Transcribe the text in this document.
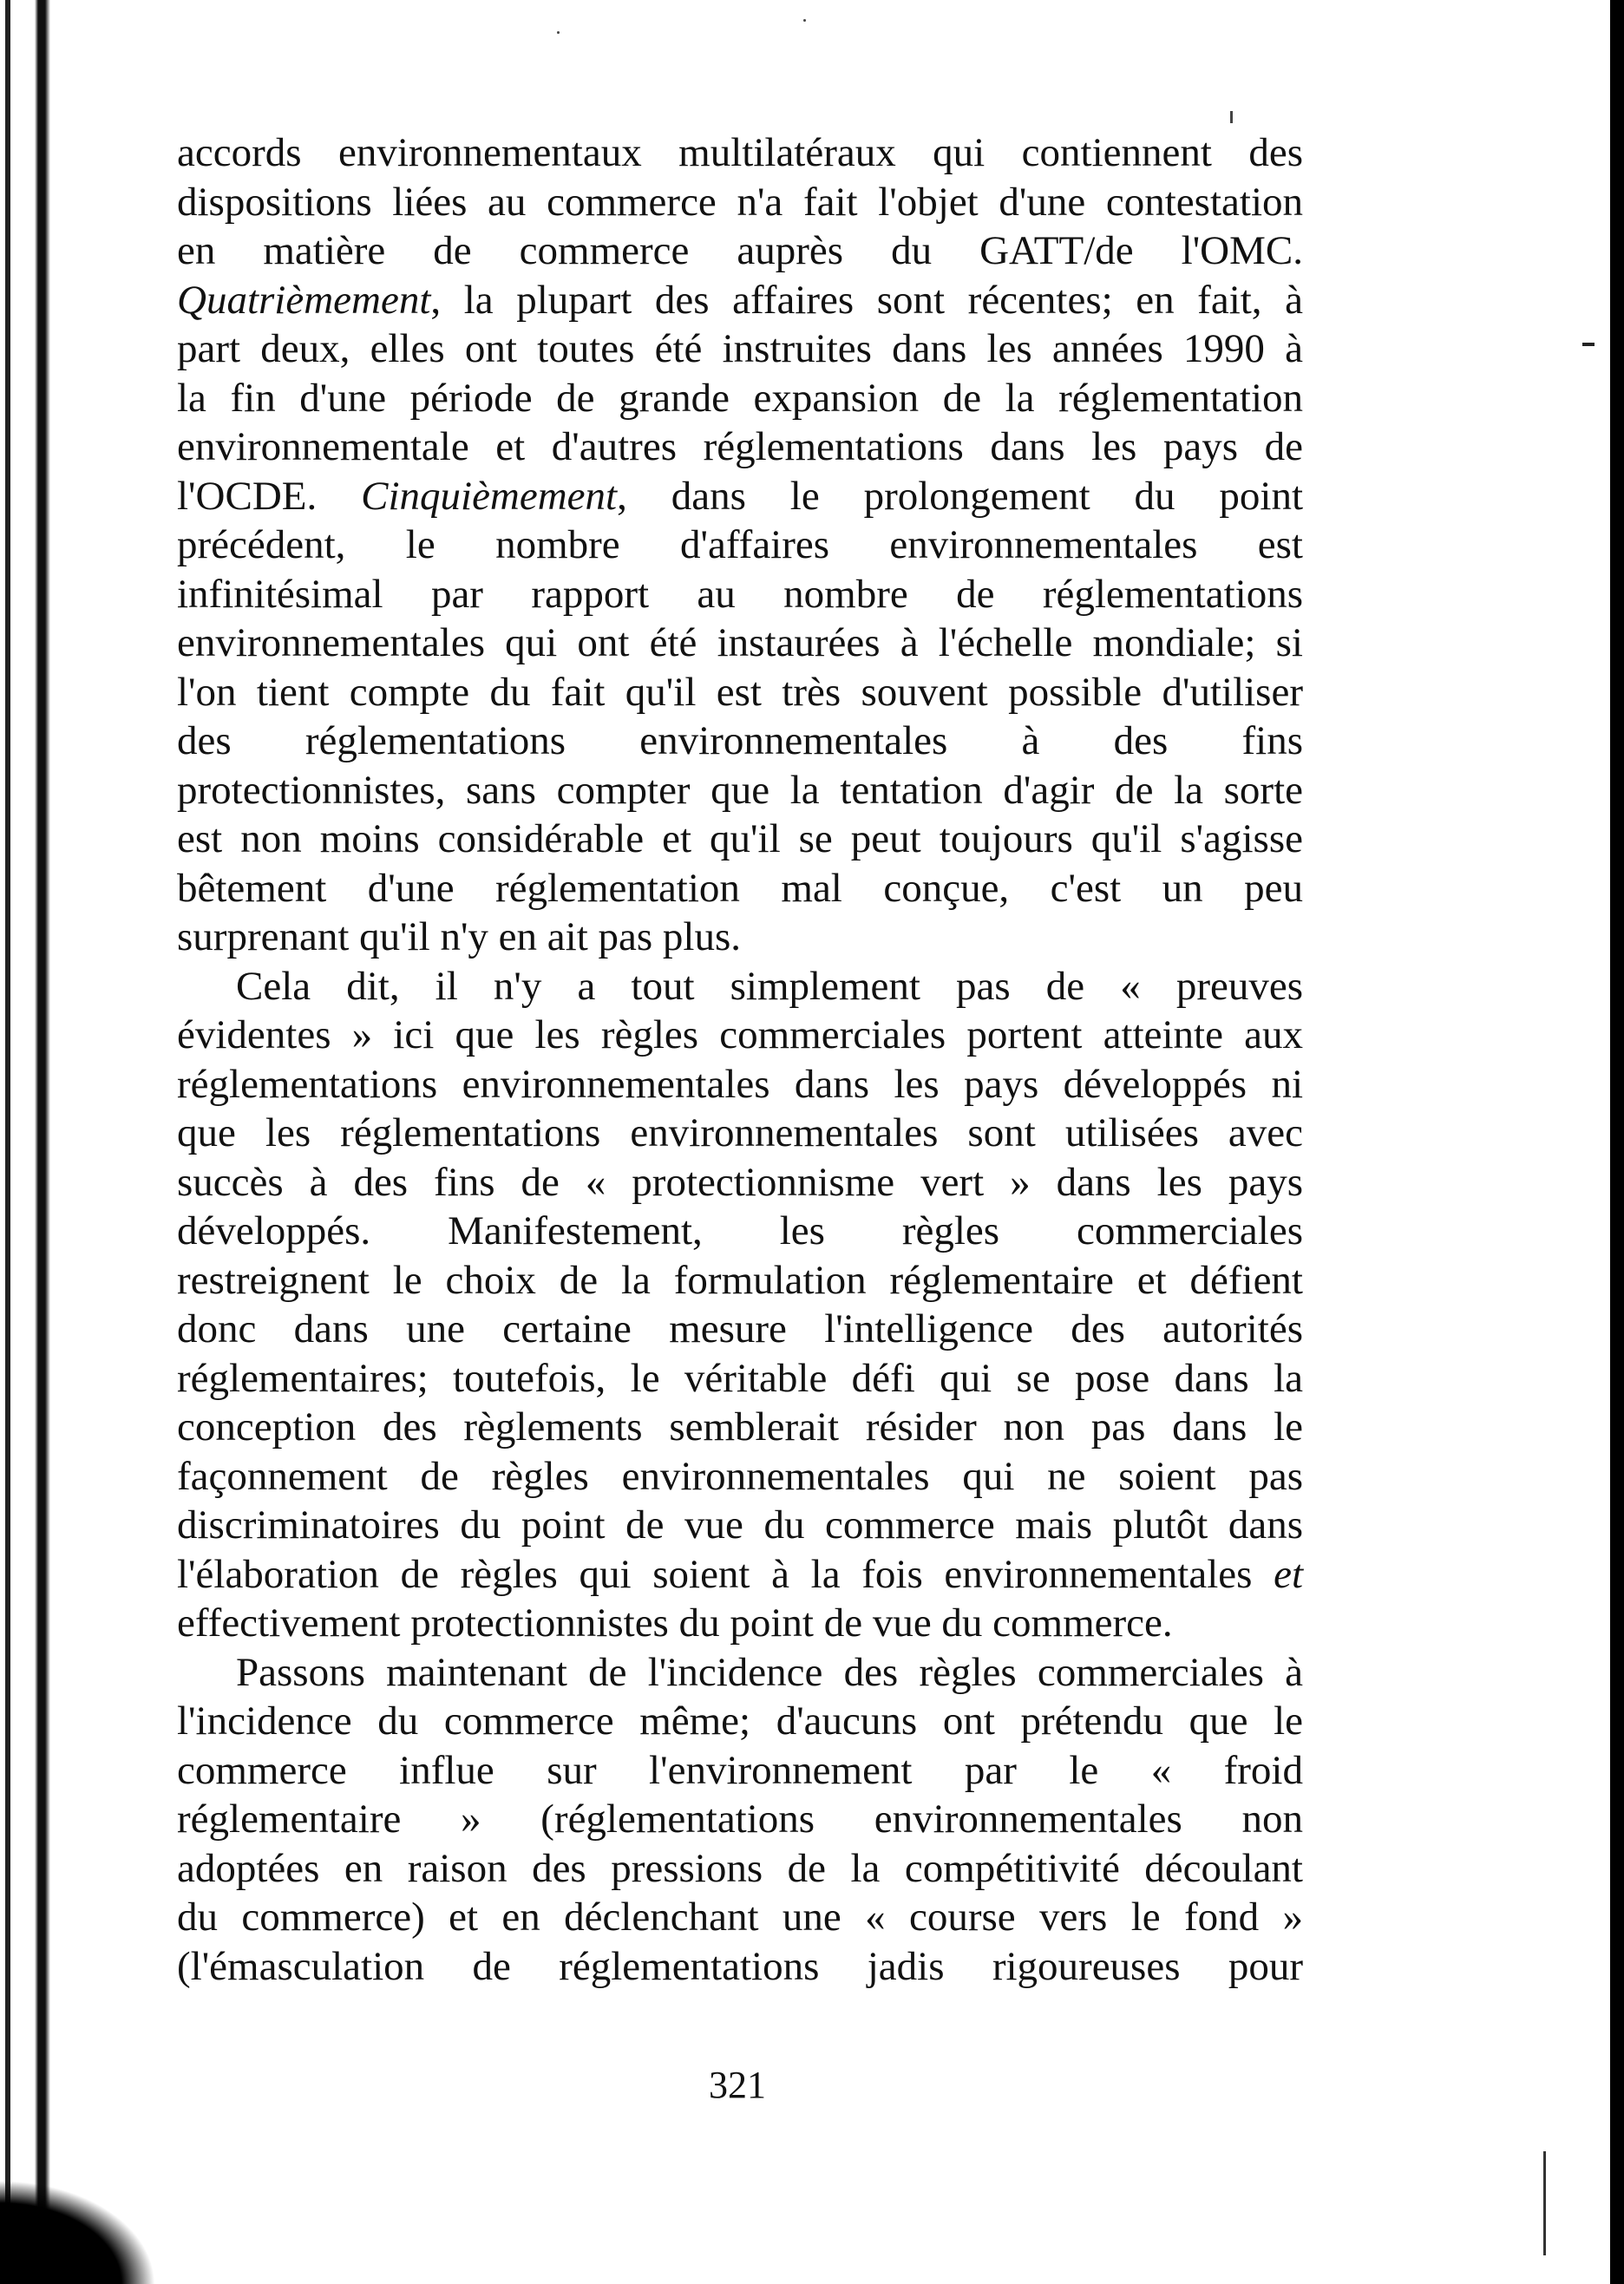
accords environnementaux multilatéraux qui contiennent des
dispositions liées au commerce n'a fait l'objet d'une contestation
en matière de commerce auprès du GATT/de l'OMC.
Quatrièmement, la plupart des affaires sont récentes; en fait, à
part deux, elles ont toutes été instruites dans les années 1990 à
la fin d'une période de grande expansion de la réglementation
environnementale et d'autres réglementations dans les pays de
l'OCDE. Cinquièmement, dans le prolongement du point
précédent, le nombre d'affaires environnementales est
infinitésimal par rapport au nombre de réglementations
environnementales qui ont été instaurées à l'échelle mondiale; si
l'on tient compte du fait qu'il est très souvent possible d'utiliser
des réglementations environnementales à des fins
protectionnistes, sans compter que la tentation d'agir de la sorte
est non moins considérable et qu'il se peut toujours qu'il s'agisse
bêtement d'une réglementation mal conçue, c'est un peu
surprenant qu'il n'y en ait pas plus.
Cela dit, il n'y a tout simplement pas de « preuves
évidentes » ici que les règles commerciales portent atteinte aux
réglementations environnementales dans les pays développés ni
que les réglementations environnementales sont utilisées avec
succès à des fins de « protectionnisme vert » dans les pays
développés. Manifestement, les règles commerciales
restreignent le choix de la formulation réglementaire et défient
donc dans une certaine mesure l'intelligence des autorités
réglementaires; toutefois, le véritable défi qui se pose dans la
conception des règlements semblerait résider non pas dans le
façonnement de règles environnementales qui ne soient pas
discriminatoires du point de vue du commerce mais plutôt dans
l'élaboration de règles qui soient à la fois environnementales et
effectivement protectionnistes du point de vue du commerce.
Passons maintenant de l'incidence des règles commerciales à
l'incidence du commerce même; d'aucuns ont prétendu que le
commerce influe sur l'environnement par le « froid
réglementaire » (réglementations environnementales non
adoptées en raison des pressions de la compétitivité découlant
du commerce) et en déclenchant une « course vers le fond »
(l'émasculation de réglementations jadis rigoureuses pour
321
